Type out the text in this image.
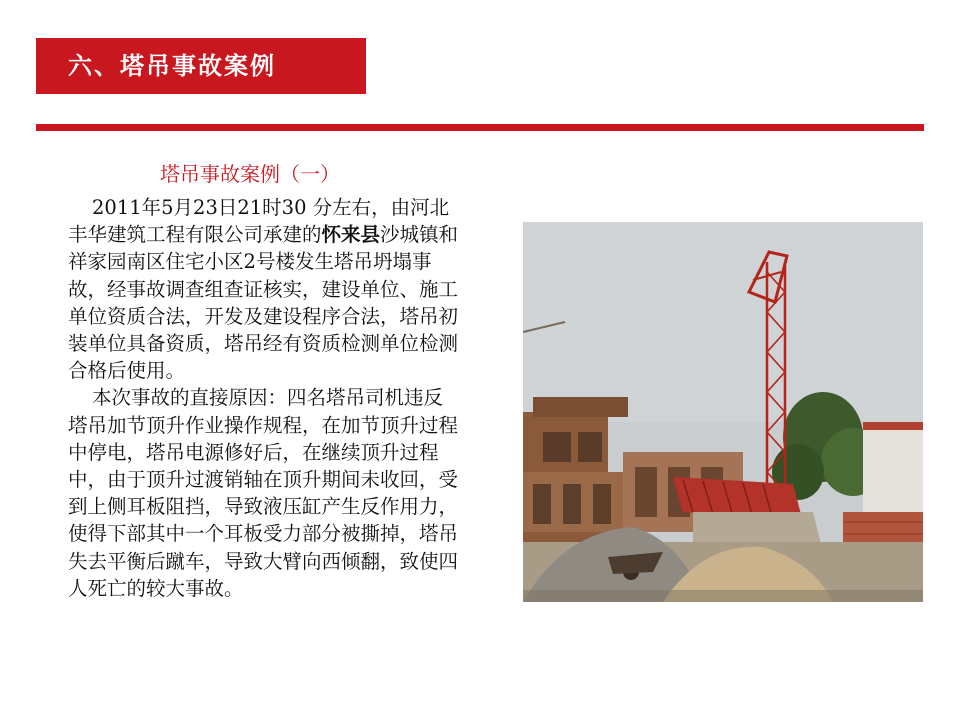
六、塔吊事故案例
塔吊事故案例（一）

2011年5月23日21时30 分左右，由河北丰华建筑工程有限公司承建的怀来县沙城镇和祥家园南区住宅小区2号楼发生塔吊坍塌事故，经事故调查组查证核实，建设单位、施工单位资质合法，开发及建设程序合法，塔吊初装单位具备资质，塔吊经有资质检测单位检测合格后使用。

本次事故的直接原因：四名塔吊司机违反塔吊加节顶升作业操作规程，在加节顶升过程中停电，塔吊电源修好后，在继续顶升过程中，由于顶升过渡销轴在顶升期间未收回，受到上侧耳板阻挡，导致液压缸产生反作用力，使得下部其中一个耳板受力部分被撕掉，塔吊失去平衡后蹴车，导致大臂向西倾翻，致使四人死亡的较大事故。
